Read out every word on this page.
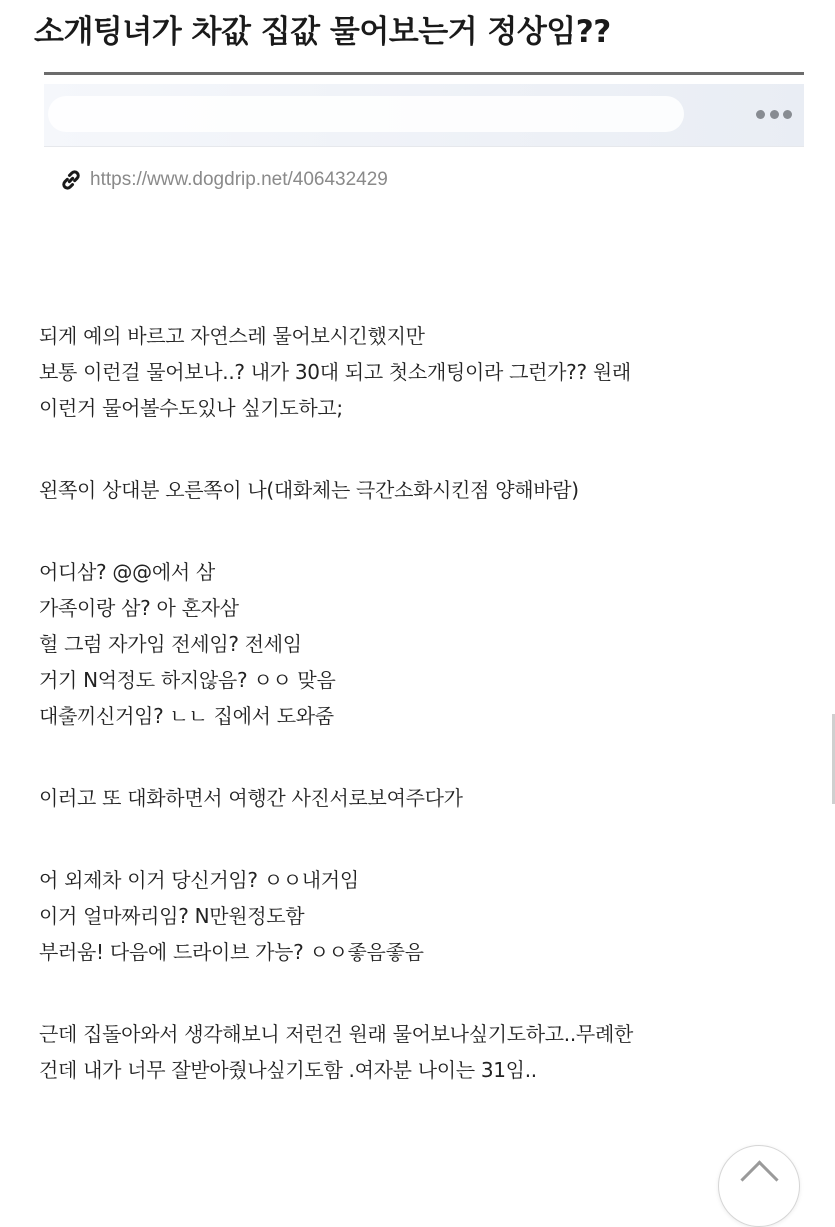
소개팅녀가 차값 집값 물어보는거 정상임??
https://www.dogdrip.net/406432429
되게 예의 바르고 자연스레 물어보시긴했지만
보통 이런걸 물어보나..? 내가 30대 되고 첫소개팅이라 그런가?? 원래
이런거 물어볼수도있나 싶기도하고;
왼쪽이 상대분 오른쪽이 나(대화체는 극간소화시킨점 양해바람)
어디삼? @@에서 삼
가족이랑 삼? 아 혼자삼
헐 그럼 자가임 전세임? 전세임
거기 N억정도 하지않음? ㅇㅇ 맞음
대출끼신거임? ㄴㄴ 집에서 도와줌
이러고 또 대화하면서 여행간 사진서로보여주다가
어 외제차 이거 당신거임? ㅇㅇ내거임
이거 얼마짜리임? N만원정도함
부러움! 다음에 드라이브 가능? ㅇㅇ좋음좋음
근데 집돌아와서 생각해보니 저런건 원래 물어보나싶기도하고..무례한
건데 내가 너무 잘받아줬나싶기도함 .여자분 나이는 31임..
